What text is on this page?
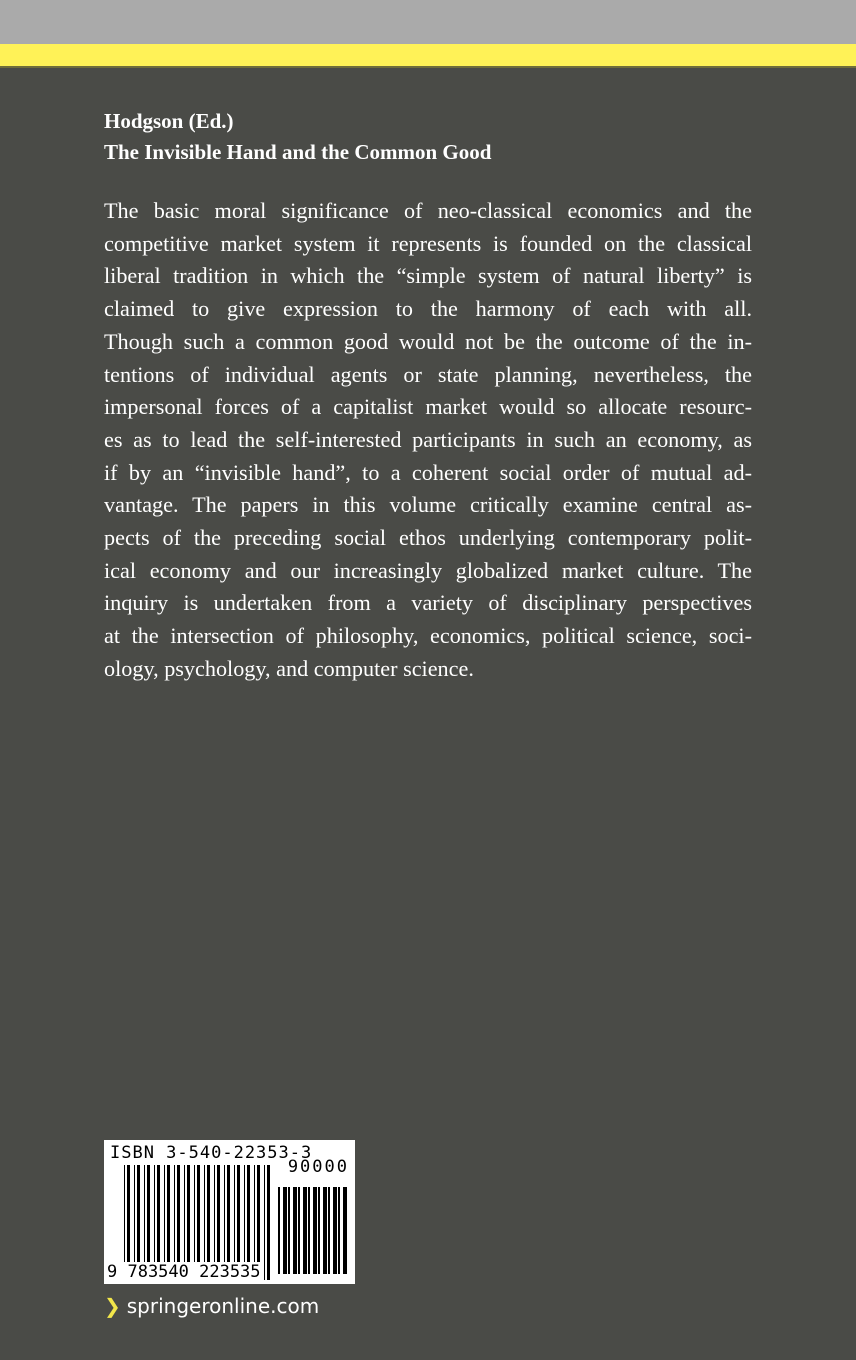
Hodgson (Ed.)
The Invisible Hand and the Common Good
The basic moral significance of neo-classical economics and the
competitive market system it represents is founded on the classical
liberal tradition in which the “simple system of natural liberty” is
claimed to give expression to the harmony of each with all.
Though such a common good would not be the outcome of the in-
tentions of individual agents or state planning, nevertheless, the
impersonal forces of a capitalist market would so allocate resourc-
es as to lead the self-interested participants in such an economy, as
if by an “invisible hand”, to a coherent social order of mutual ad-
vantage. The papers in this volume critically examine central as-
pects of the preceding social ethos underlying contemporary polit-
ical economy and our increasingly globalized market culture. The
inquiry is undertaken from a variety of disciplinary perspectives
at the intersection of philosophy, economics, political science, soci-
ology, psychology, and computer science.
ISBN 3-540-22353-3
90000
9 783540 223535
❯ springeronline.com
